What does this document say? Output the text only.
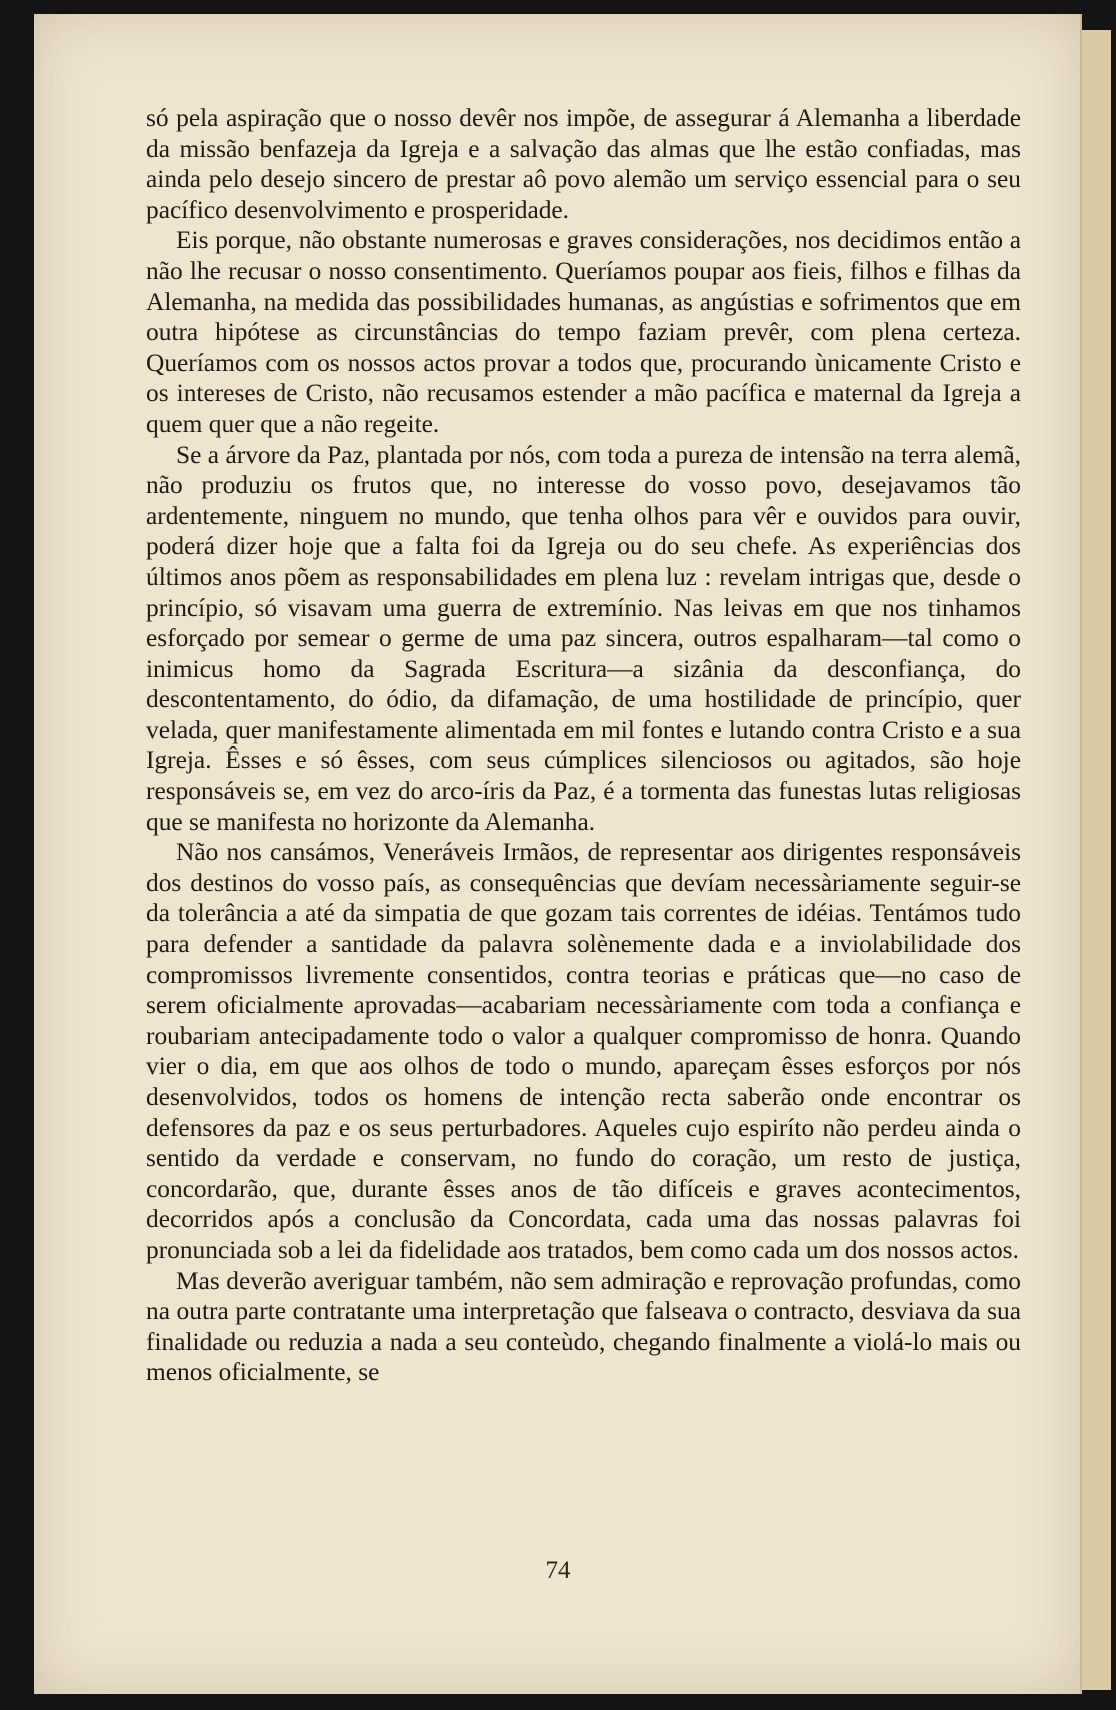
só pela aspiração que o nosso devêr nos impõe, de assegurar á Alemanha a liberdade da missão benfazeja da Igreja e a salvação das almas que lhe estão confiadas, mas ainda pelo desejo sincero de prestar aô povo alemão um serviço essencial para o seu pacífico desenvolvimento e prosperidade.

Eis porque, não obstante numerosas e graves considerações, nos decidimos então a não lhe recusar o nosso consentimento. Queríamos poupar aos fieis, filhos e filhas da Alemanha, na medida das possibilidades humanas, as angústias e sofrimentos que em outra hipótese as circunstâncias do tempo faziam prevêr, com plena certeza. Queríamos com os nossos actos provar a todos que, procurando ùnicamente Cristo e os intereses de Cristo, não recusamos estender a mão pacífica e maternal da Igreja a quem quer que a não regeite.

Se a árvore da Paz, plantada por nós, com toda a pureza de intensão na terra alemã, não produziu os frutos que, no interesse do vosso povo, desejavamos tão ardentemente, ninguem no mundo, que tenha olhos para vêr e ouvidos para ouvir, poderá dizer hoje que a falta foi da Igreja ou do seu chefe. As experiências dos últimos anos põem as responsabilidades em plena luz : revelam intrigas que, desde o princípio, só visavam uma guerra de extremínio. Nas leivas em que nos tinhamos esforçado por semear o germe de uma paz sincera, outros espalharam—tal como o inimicus homo da Sagrada Escritura—a sizânia da desconfiança, do descontentamento, do ódio, da difamação, de uma hostilidade de princípio, quer velada, quer manifestamente alimentada em mil fontes e lutando contra Cristo e a sua Igreja. Êsses e só êsses, com seus cúmplices silenciosos ou agitados, são hoje responsáveis se, em vez do arco-íris da Paz, é a tormenta das funestas lutas religiosas que se manifesta no horizonte da Alemanha.

Não nos cansámos, Veneráveis Irmãos, de representar aos dirigentes responsáveis dos destinos do vosso país, as consequências que devíam necessàriamente seguir-se da tolerância a até da simpatia de que gozam tais correntes de idéias. Tentámos tudo para defender a santidade da palavra solènemente dada e a inviolabilidade dos compromissos livremente consentidos, contra teorias e práticas que—no caso de serem oficialmente aprovadas—acabariam necessàriamente com toda a confiança e roubariam antecipadamente todo o valor a qualquer compromisso de honra. Quando vier o dia, em que aos olhos de todo o mundo, apareçam êsses esforços por nós desenvolvidos, todos os homens de intenção recta saberão onde encontrar os defensores da paz e os seus perturbadores. Aqueles cujo espiríto não perdeu ainda o sentido da verdade e conservam, no fundo do coração, um resto de justiça, concordarão, que, durante êsses anos de tão difíceis e graves acontecimentos, decorridos após a conclusão da Concordata, cada uma das nossas palavras foi pronunciada sob a lei da fidelidade aos tratados, bem como cada um dos nossos actos.

Mas deverão averiguar também, não sem admiração e reprovação profundas, como na outra parte contratante uma interpretação que falseava o contracto, desviava da sua finalidade ou reduzia a nada a seu conteùdo, chegando finalmente a violá-lo mais ou menos oficialmente, se

74
